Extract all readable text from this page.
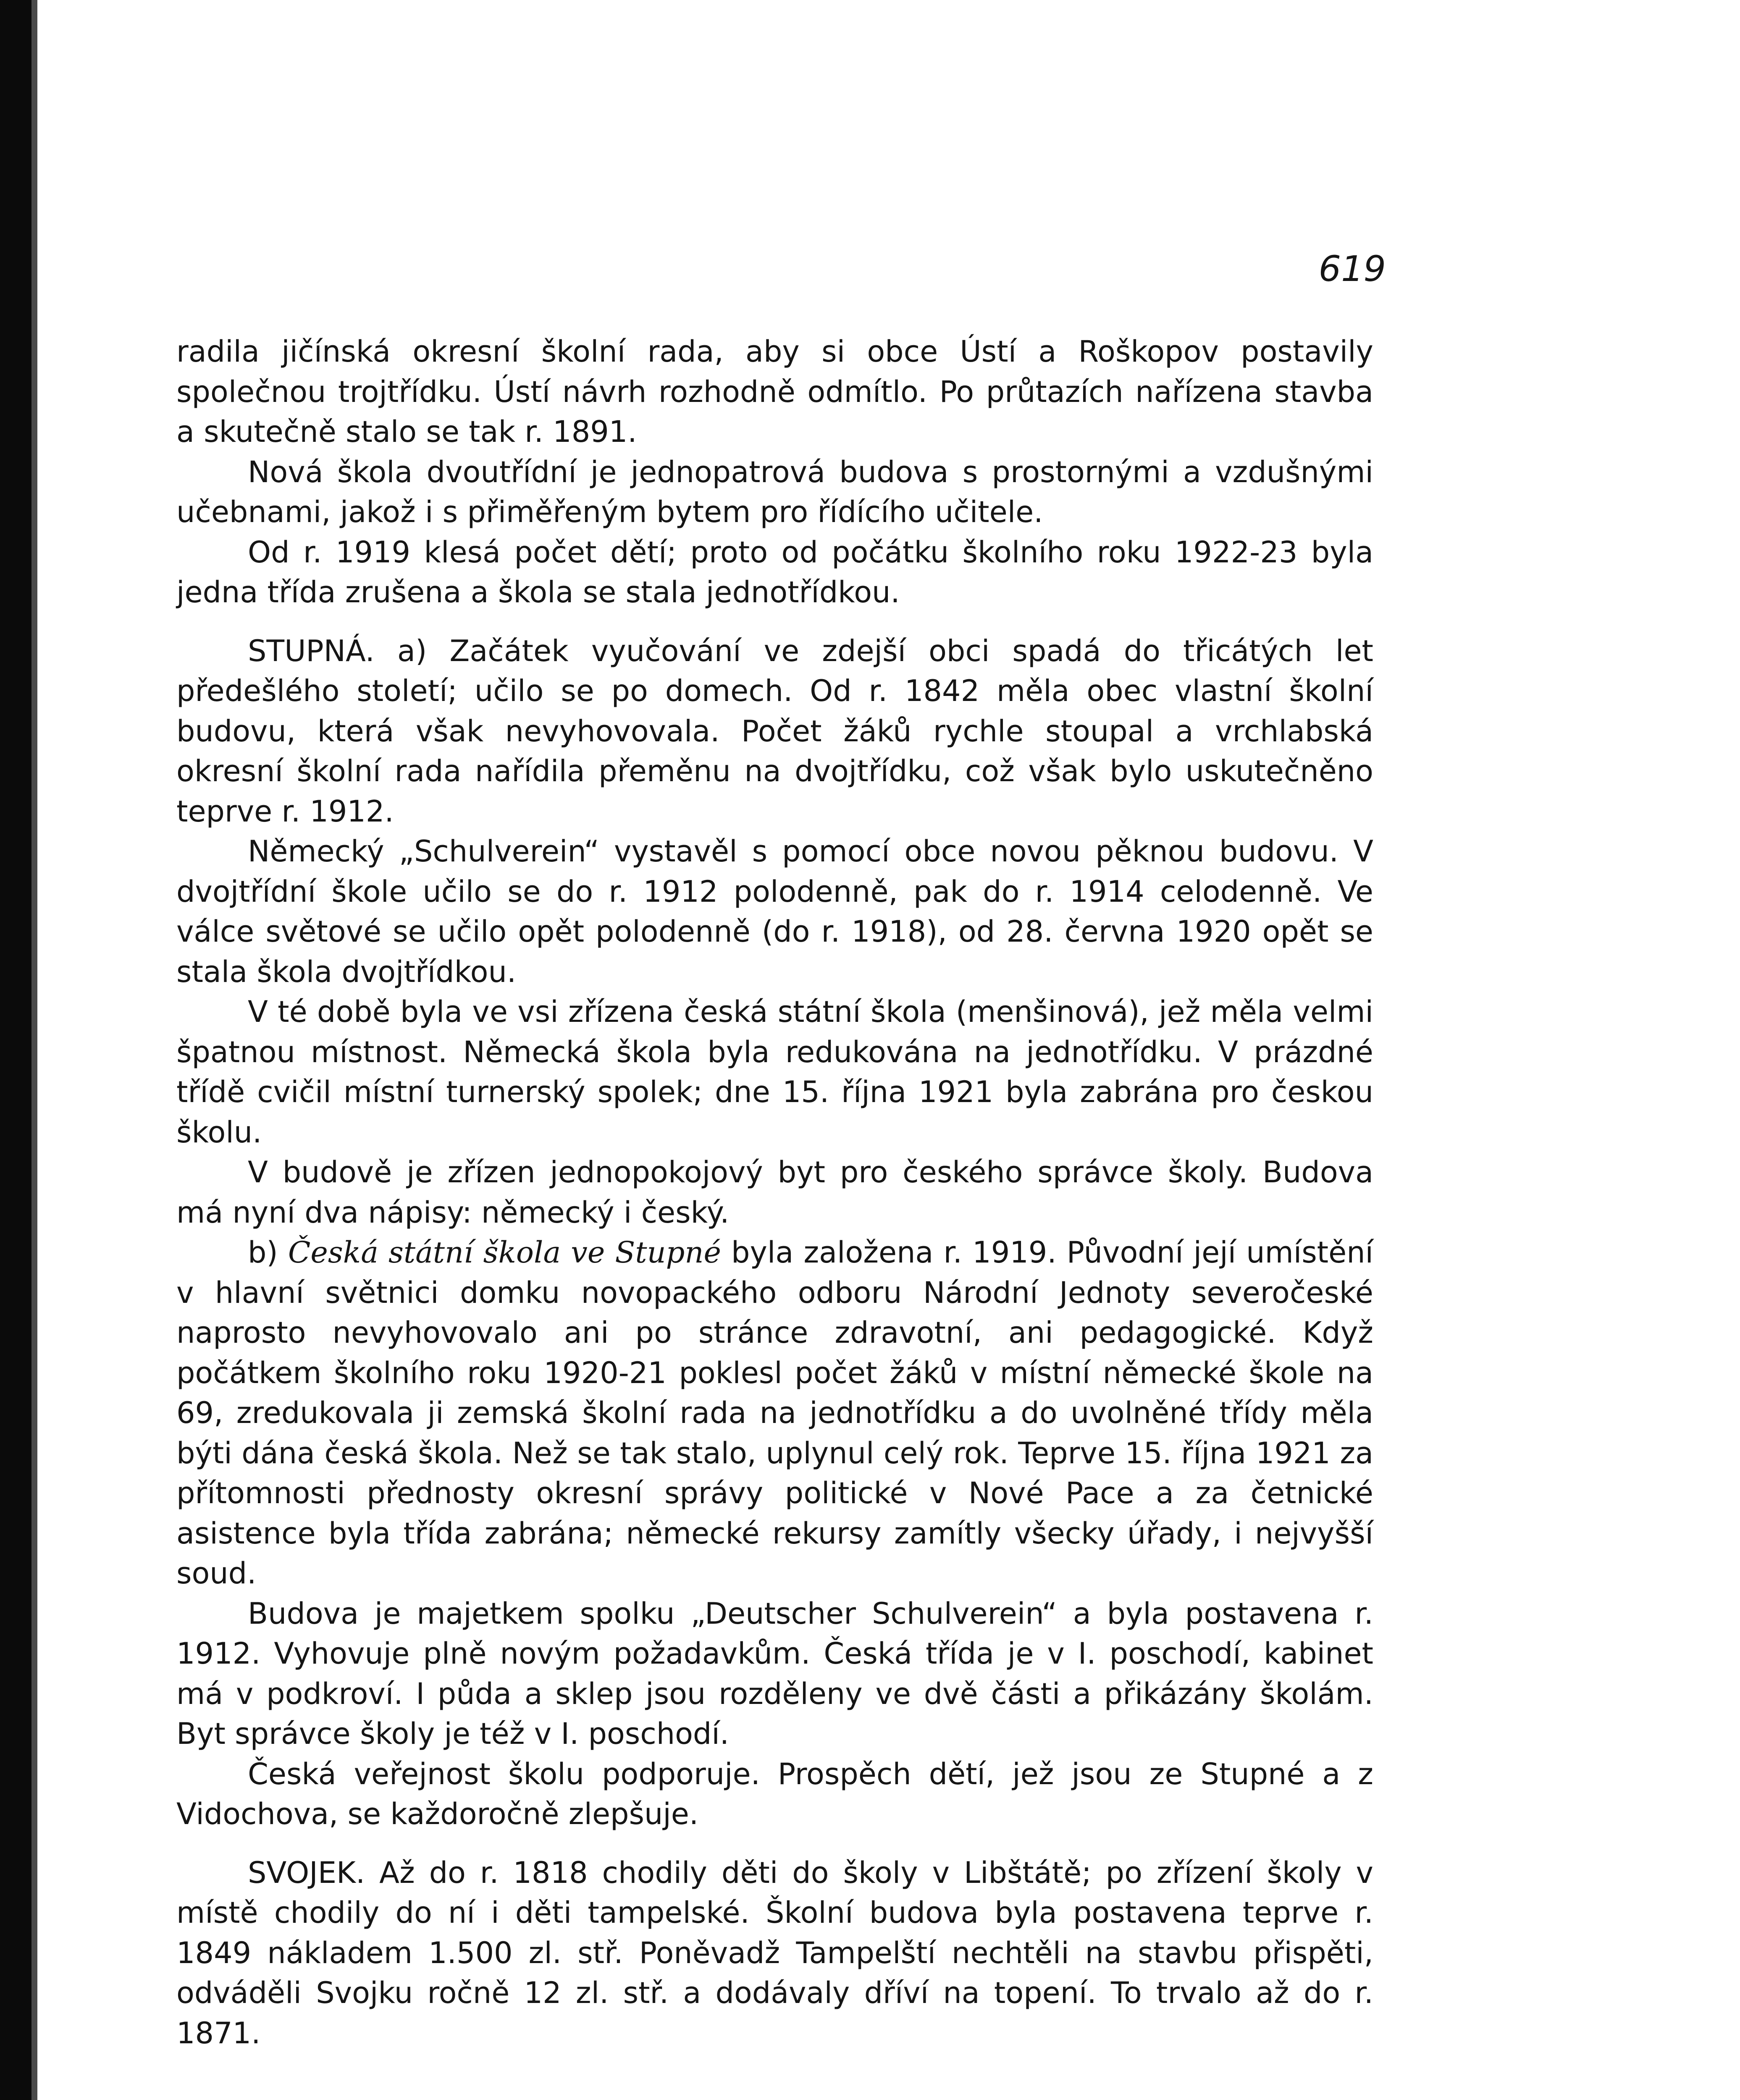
619

radila jičínská okresní školní rada, aby si obce Ústí a Roškopov postavily společnou trojtřídku. Ústí návrh rozhodně odmítlo. Po průtazích nařízena stavba a skutečně stalo se tak r. 1891.

Nová škola dvoutřídní je jednopatrová budova s prostornými a vzdušnými učebnami, jakož i s přiměřeným bytem pro řídícího učitele.

Od r. 1919 klesá počet dětí; proto od počátku školního roku 1922-23 byla jedna třída zrušena a škola se stala jednotřídkou.

STUPNÁ. a) Začátek vyučování ve zdejší obci spadá do třicátých let předešlého století; učilo se po domech. Od r. 1842 měla obec vlastní školní budovu, která však nevyhovovala. Počet žáků rychle stoupal a vrchlabská okresní školní rada nařídila přeměnu na dvojtřídku, což však bylo uskutečněno teprve r. 1912.

Německý „Schulverein“ vystavěl s pomocí obce novou pěknou budovu. V dvojtřídní škole učilo se do r. 1912 polodenně, pak do r. 1914 celodenně. Ve válce světové se učilo opět polodenně (do r. 1918), od 28. června 1920 opět se stala škola dvojtřídkou.

V té době byla ve vsi zřízena česká státní škola (menšinová), jež měla velmi špatnou místnost. Německá škola byla redukována na jednotřídku. V prázdné třídě cvičil místní turnerský spolek; dne 15. října 1921 byla zabrána pro českou školu.

V budově je zřízen jednopokojový byt pro českého správce školy. Budova má nyní dva nápisy: německý i český.

b) Česká státní škola ve Stupné byla založena r. 1919. Původní její umístění v hlavní světnici domku novopackého odboru Národní Jednoty severočeské naprosto nevyhovovalo ani po stránce zdravotní, ani pedagogické. Když počátkem školního roku 1920-21 poklesl počet žáků v místní německé škole na 69, zredukovala ji zemská školní rada na jednotřídku a do uvolněné třídy měla býti dána česká škola. Než se tak stalo, uplynul celý rok. Teprve 15. října 1921 za přítomnosti přednosty okresní správy politické v Nové Pace a za četnické asistence byla třída zabrána; německé rekursy zamítly všecky úřady, i nejvyšší soud.

Budova je majetkem spolku „Deutscher Schulverein“ a byla postavena r. 1912. Vyhovuje plně novým požadavkům. Česká třída je v I. poschodí, kabinet má v podkroví. I půda a sklep jsou rozděleny ve dvě části a přikázány školám. Byt správce školy je též v I. poschodí.

Česká veřejnost školu podporuje. Prospěch dětí, jež jsou ze Stupné a z Vidochova, se každoročně zlepšuje.

SVOJEK. Až do r. 1818 chodily děti do školy v Libštátě; po zřízení školy v místě chodily do ní i děti tampelské. Školní budova byla postavena teprve r. 1849 nákladem 1.500 zl. stř. Poněvadž Tampelští nechtěli na stavbu přispěti, odváděli Svojku ročně 12 zl. stř. a dodávaly dříví na topení. To trvalo až do r. 1871.
